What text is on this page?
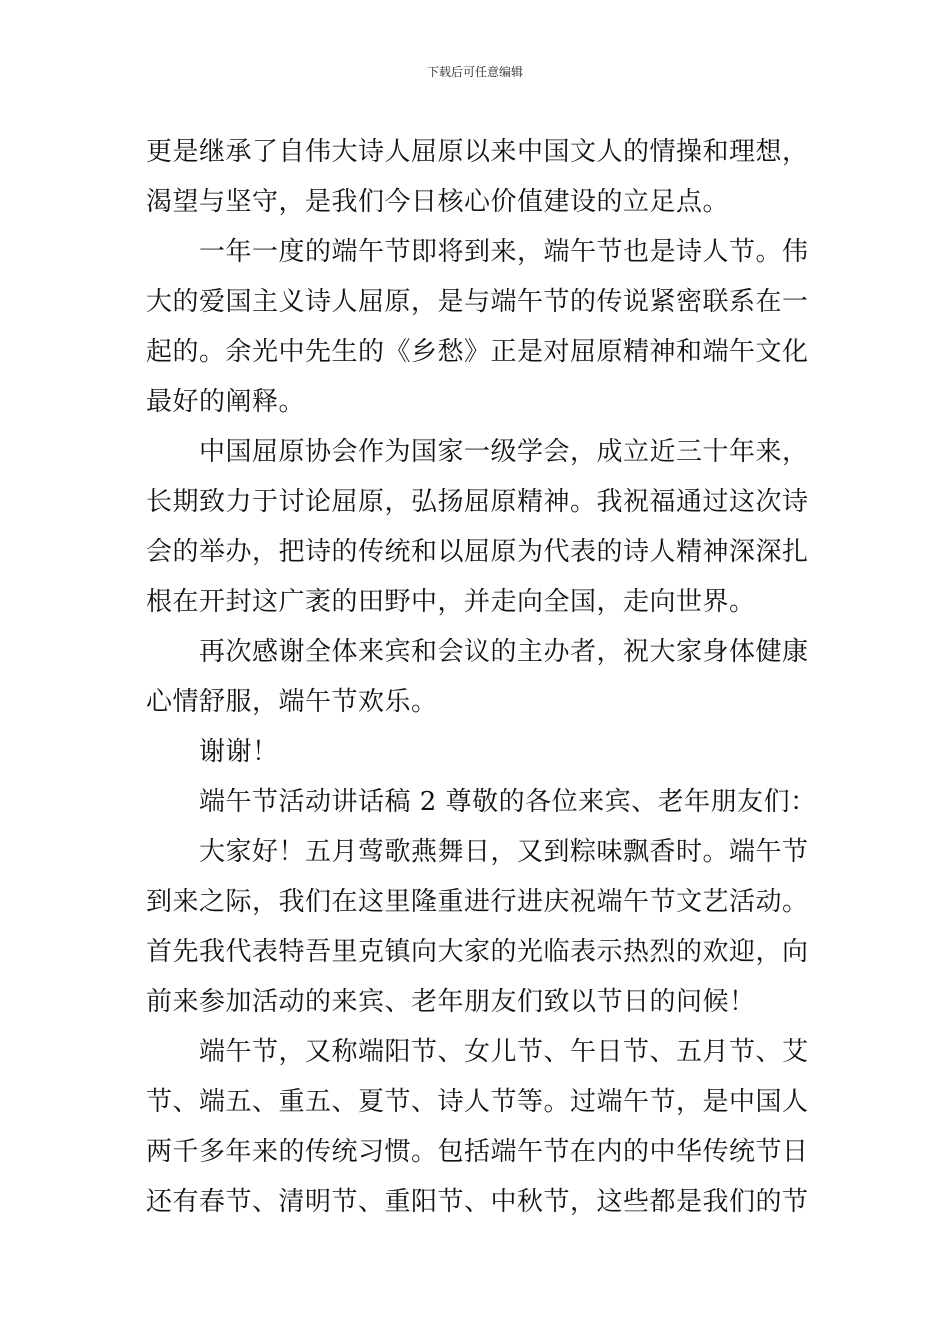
下载后可任意编辑
更是继承了自伟大诗人屈原以来中国文人的情操和理想，
渴望与坚守，是我们今日核心价值建设的立足点。
一年一度的端午节即将到来，端午节也是诗人节。伟
大的爱国主义诗人屈原，是与端午节的传说紧密联系在一
起的。余光中先生的《乡愁》正是对屈原精神和端午文化
最好的阐释。
中国屈原协会作为国家一级学会，成立近三十年来，
长期致力于讨论屈原，弘扬屈原精神。我祝福通过这次诗
会的举办，把诗的传统和以屈原为代表的诗人精神深深扎
根在开封这广袤的田野中，并走向全国，走向世界。
再次感谢全体来宾和会议的主办者，祝大家身体健康
心情舒服，端午节欢乐。
谢谢！
端午节活动讲话稿 2 尊敬的各位来宾、老年朋友们：
大家好！五月莺歌燕舞日，又到粽味飘香时。端午节
到来之际，我们在这里隆重进行进庆祝端午节文艺活动。
首先我代表特吾里克镇向大家的光临表示热烈的欢迎，向
前来参加活动的来宾、老年朋友们致以节日的问候！
端午节，又称端阳节、女儿节、午日节、五月节、艾
节、端五、重五、夏节、诗人节等。过端午节，是中国人
两千多年来的传统习惯。包括端午节在内的中华传统节日
还有春节、清明节、重阳节、中秋节，这些都是我们的节
